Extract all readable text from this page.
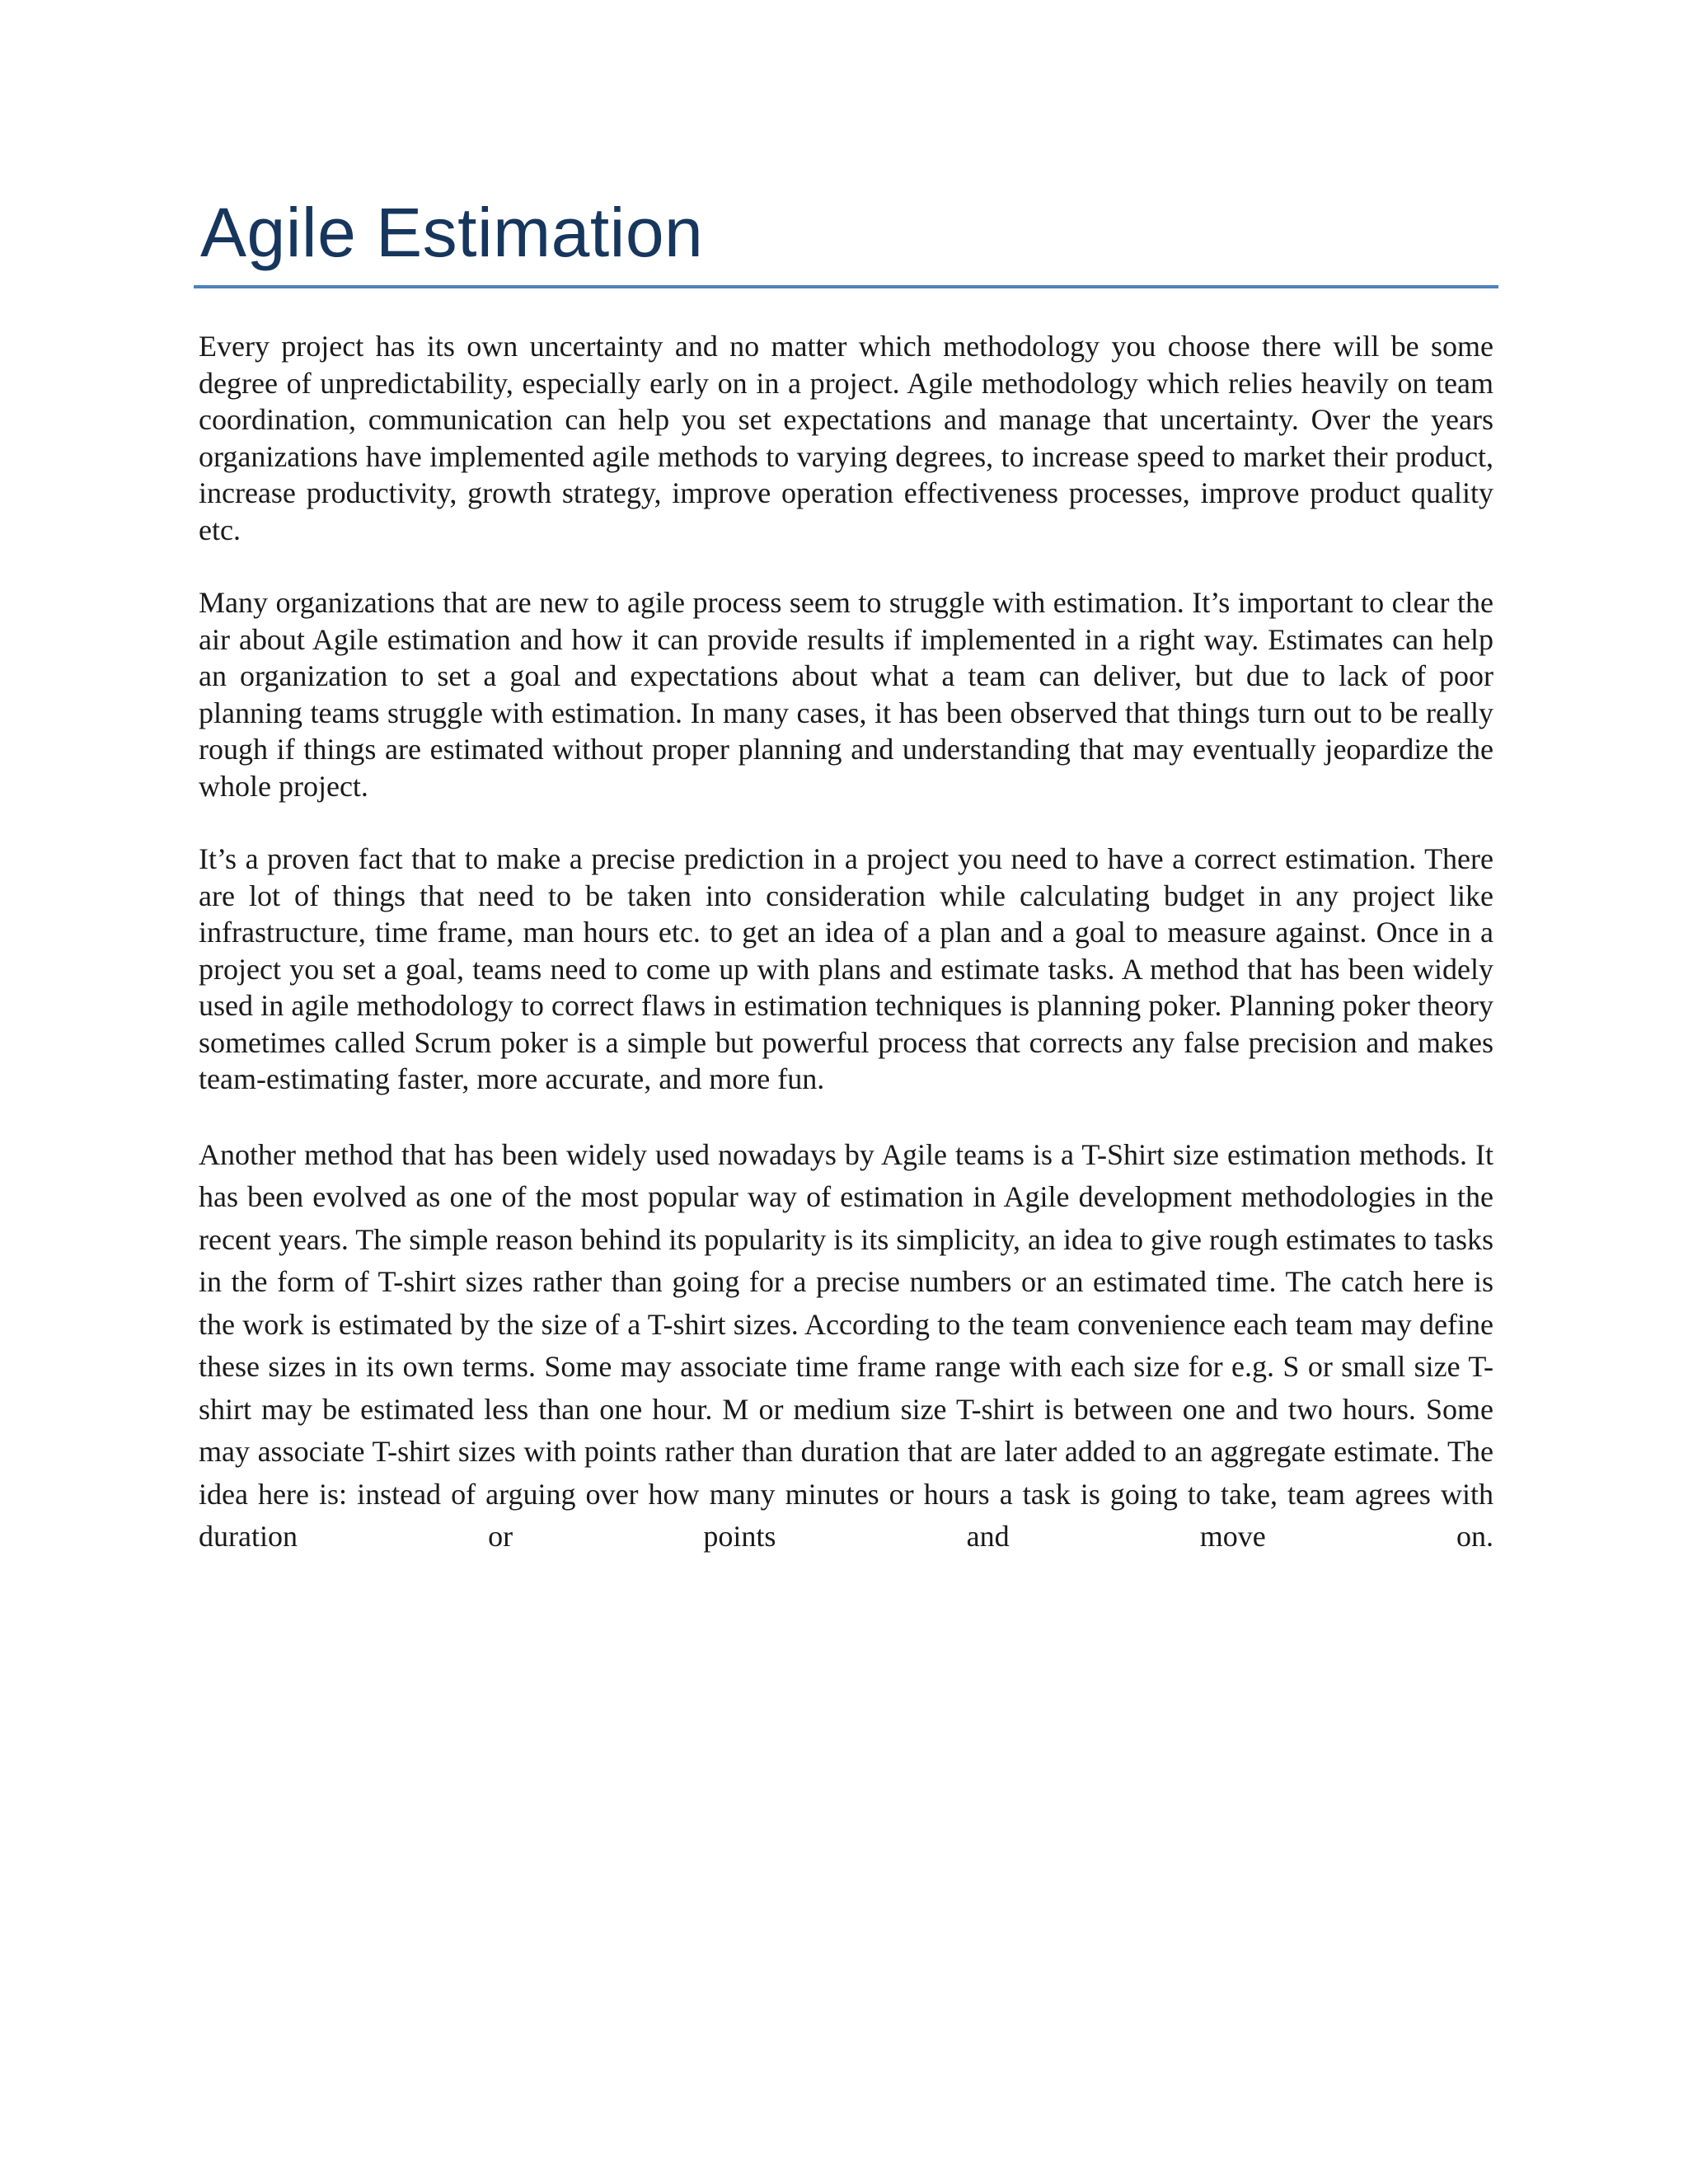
Agile Estimation

Every project has its own uncertainty and no matter which methodology you choose there will be some degree of unpredictability, especially early on in a project. Agile methodology which relies heavily on team coordination, communication can help you set expectations and manage that uncertainty. Over the years organizations have implemented agile methods to varying degrees, to increase speed to market their product, increase productivity, growth strategy, improve operation effectiveness processes, improve product quality etc.

Many organizations that are new to agile process seem to struggle with estimation. It’s important to clear the air about Agile estimation and how it can provide results if implemented in a right way. Estimates can help an organization to set a goal and expectations about what a team can deliver, but due to lack of poor planning teams struggle with estimation. In many cases, it has been observed that things turn out to be really rough if things are estimated without proper planning and understanding that may eventually jeopardize the whole project.

It’s a proven fact that to make a precise prediction in a project you need to have a correct estimation. There are lot of things that need to be taken into consideration while calculating budget in any project like infrastructure, time frame, man hours etc. to get an idea of a plan and a goal to measure against. Once in a project you set a goal, teams need to come up with plans and estimate tasks. A method that has been widely used in agile methodology to correct flaws in estimation techniques is planning poker. Planning poker theory sometimes called Scrum poker is a simple but powerful process that corrects any false precision and makes team-estimating faster, more accurate, and more fun.

Another method that has been widely used nowadays by Agile teams is a T-Shirt size estimation methods. It has been evolved as one of the most popular way of estimation in Agile development methodologies in the recent years. The simple reason behind its popularity is its simplicity, an idea to give rough estimates to tasks in the form of T-shirt sizes rather than going for a precise numbers or an estimated time. The catch here is the work is estimated by the size of a T-shirt sizes. According to the team convenience each team may define these sizes in its own terms. Some may associate time frame range with each size for e.g. S or small size T-shirt may be estimated less than one hour. M or medium size T-shirt is between one and two hours. Some may associate T-shirt sizes with points rather than duration that are later added to an aggregate estimate. The idea here is: instead of arguing over how many minutes or hours a task is going to take, team agrees with duration or points and move on.
